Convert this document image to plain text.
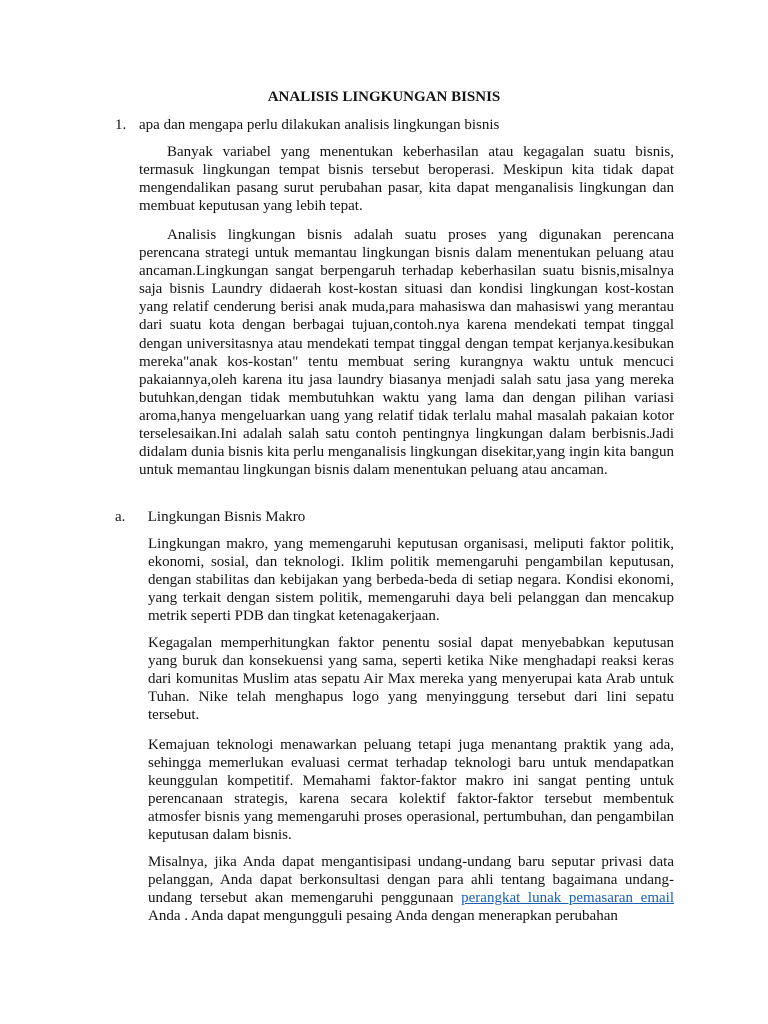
ANALISIS LINGKUNGAN BISNIS
1. apa dan mengapa perlu dilakukan analisis lingkungan bisnis

Banyak variabel yang menentukan keberhasilan atau kegagalan suatu bisnis, termasuk lingkungan tempat bisnis tersebut beroperasi. Meskipun kita tidak dapat mengendalikan pasang surut perubahan pasar, kita dapat menganalisis lingkungan dan membuat keputusan yang lebih tepat.

Analisis lingkungan bisnis adalah suatu proses yang digunakan perencana perencana strategi untuk memantau lingkungan bisnis dalam menentukan peluang atau ancaman.Lingkungan sangat berpengaruh terhadap keberhasilan suatu bisnis,misalnya saja bisnis Laundry didaerah kost-kostan situasi dan kondisi lingkungan kost-kostan yang relatif cenderung berisi anak muda,para mahasiswa dan mahasiswi yang merantau dari suatu kota dengan berbagai tujuan,contoh.nya karena mendekati tempat tinggal dengan universitasnya atau mendekati tempat tinggal dengan tempat kerjanya.kesibukan mereka"anak kos-kostan" tentu membuat sering kurangnya waktu untuk mencuci pakaiannya,oleh karena itu jasa laundry biasanya menjadi salah satu jasa yang mereka butuhkan,dengan tidak membutuhkan waktu yang lama dan dengan pilihan variasi aroma,hanya mengeluarkan uang yang relatif tidak terlalu mahal masalah pakaian kotor terselesaikan.Ini adalah salah satu contoh pentingnya lingkungan dalam berbisnis.Jadi didalam dunia bisnis kita perlu menganalisis lingkungan disekitar,yang ingin kita bangun untuk memantau lingkungan bisnis dalam menentukan peluang atau ancaman.

a. Lingkungan Bisnis Makro

Lingkungan makro, yang memengaruhi keputusan organisasi, meliputi faktor politik, ekonomi, sosial, dan teknologi. Iklim politik memengaruhi pengambilan keputusan, dengan stabilitas dan kebijakan yang berbeda-beda di setiap negara. Kondisi ekonomi, yang terkait dengan sistem politik, memengaruhi daya beli pelanggan dan mencakup metrik seperti PDB dan tingkat ketenagakerjaan.

Kegagalan memperhitungkan faktor penentu sosial dapat menyebabkan keputusan yang buruk dan konsekuensi yang sama, seperti ketika Nike menghadapi reaksi keras dari komunitas Muslim atas sepatu Air Max mereka yang menyerupai kata Arab untuk Tuhan. Nike telah menghapus logo yang menyinggung tersebut dari lini sepatu tersebut.

Kemajuan teknologi menawarkan peluang tetapi juga menantang praktik yang ada, sehingga memerlukan evaluasi cermat terhadap teknologi baru untuk mendapatkan keunggulan kompetitif. Memahami faktor-faktor makro ini sangat penting untuk perencanaan strategis, karena secara kolektif faktor-faktor tersebut membentuk atmosfer bisnis yang memengaruhi proses operasional, pertumbuhan, dan pengambilan keputusan dalam bisnis.

Misalnya, jika Anda dapat mengantisipasi undang-undang baru seputar privasi data pelanggan, Anda dapat berkonsultasi dengan para ahli tentang bagaimana undang-undang tersebut akan memengaruhi penggunaan perangkat lunak pemasaran email Anda . Anda dapat mengungguli pesaing Anda dengan menerapkan perubahan
